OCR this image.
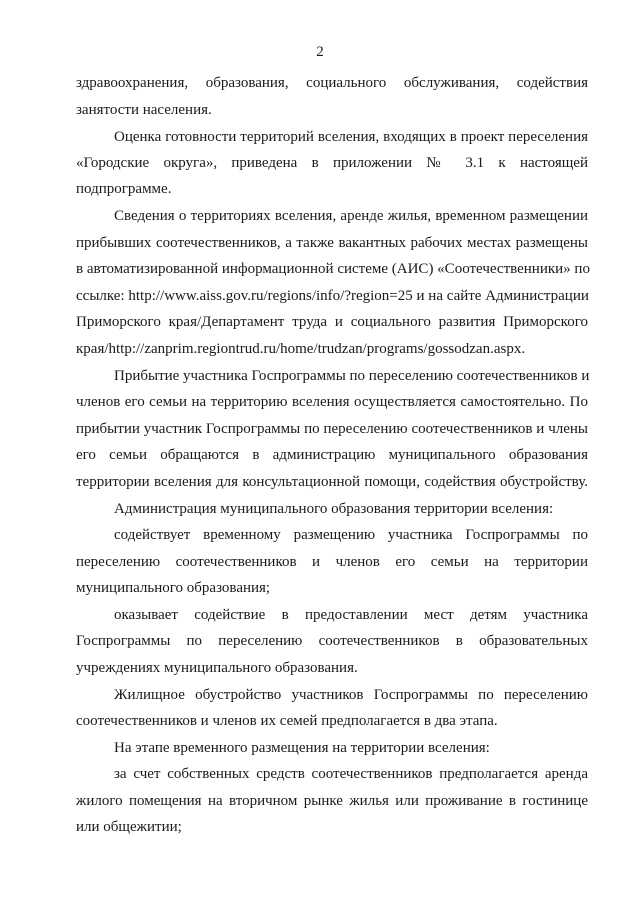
2
здравоохранения, образования, социального обслуживания, содействия
занятости населения.
Оценка готовности территорий вселения, входящих в проект переселения
«Городские округа», приведена в приложении № 3.1 к настоящей
подпрограмме.
Сведения о территориях вселения, аренде жилья, временном размещении
прибывших соотечественников, а также вакантных рабочих местах размещены
в автоматизированной информационной системе (АИС) «Соотечественники» по
ссылке: http://www.aiss.gov.ru/regions/info/?region=25 и на сайте Администрации
Приморского края/Департамент труда и социального развития Приморского
края/http://zanprim.regiontrud.ru/home/trudzan/programs/gossodzan.aspx.
Прибытие участника Госпрограммы по переселению соотечественников и
членов его семьи на территорию вселения осуществляется самостоятельно. По
прибытии участник Госпрограммы по переселению соотечественников и члены
его семьи обращаются в администрацию муниципального образования
территории вселения для консультационной помощи, содействия обустройству.
Администрация муниципального образования территории вселения:
содействует временному размещению участника Госпрограммы по
переселению соотечественников и членов его семьи на территории
муниципального образования;
оказывает содействие в предоставлении мест детям участника
Госпрограммы по переселению соотечественников в образовательных
учреждениях муниципального образования.
Жилищное обустройство участников Госпрограммы по переселению
соотечественников и членов их семей предполагается в два этапа.
На этапе временного размещения на территории вселения:
за счет собственных средств соотечественников предполагается аренда
жилого помещения на вторичном рынке жилья или проживание в гостинице
или общежитии;
